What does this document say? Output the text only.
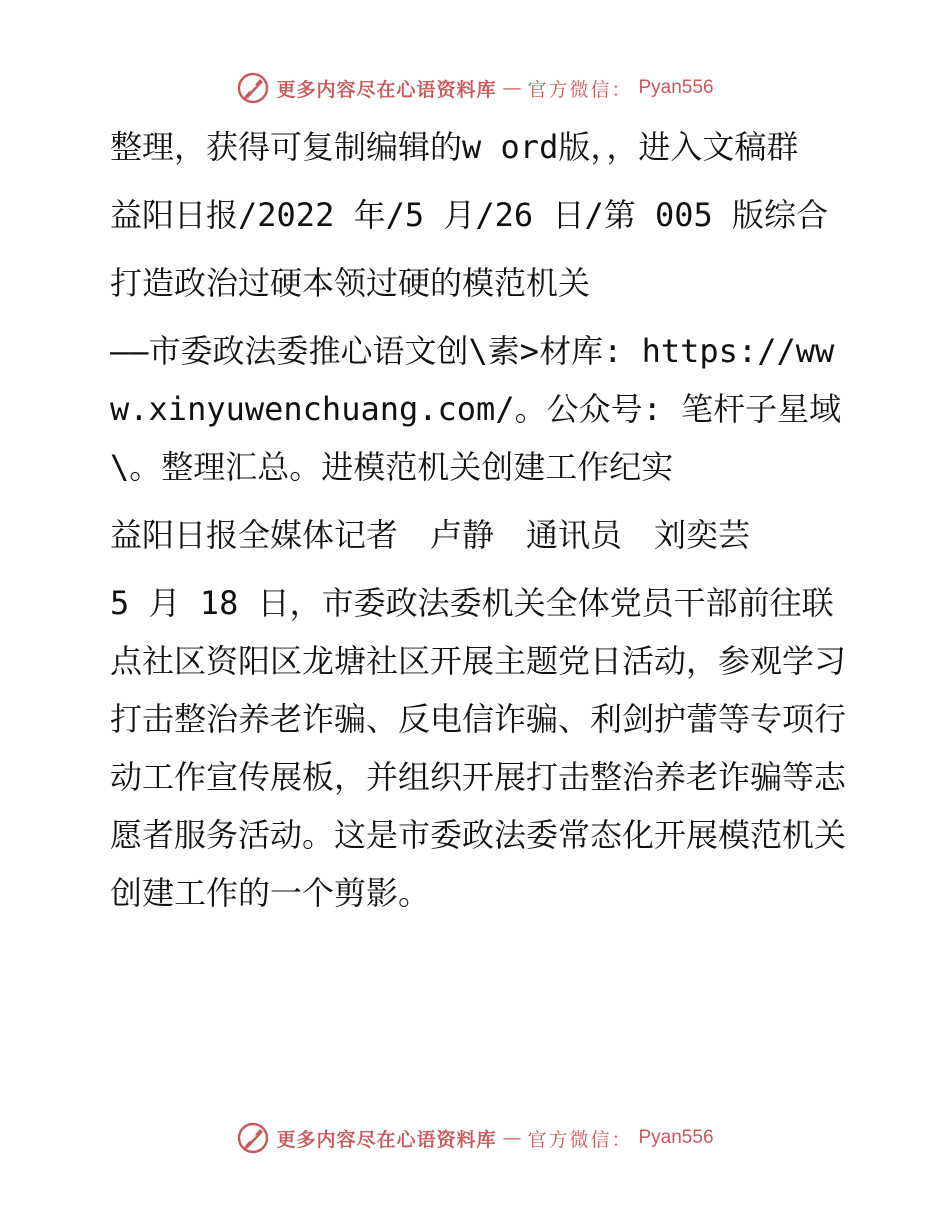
更多内容尽在心语资料库 — 官方微信： Pyan556

整理，获得可复制编辑的w ord版，，进入文稿群

益阳日报/2022 年/5 月/26 日/第 005 版综合

打造政治过硬本领过硬的模范机关

——市委政法委推心语文创\素>材库: https://www.xinyuwenchuang.com/。公众号: 笔杆子星域\。整理汇总。进模范机关创建工作纪实

益阳日报全媒体记者　卢静　通讯员　刘奕芸

5 月 18 日，市委政法委机关全体党员干部前往联点社区资阳区龙塘社区开展主题党日活动，参观学习打击整治养老诈骗、反电信诈骗、利剑护蕾等专项行动工作宣传展板，并组织开展打击整治养老诈骗等志愿者服务活动。这是市委政法委常态化开展模范机关创建工作的一个剪影。

更多内容尽在心语资料库 — 官方微信： Pyan556
